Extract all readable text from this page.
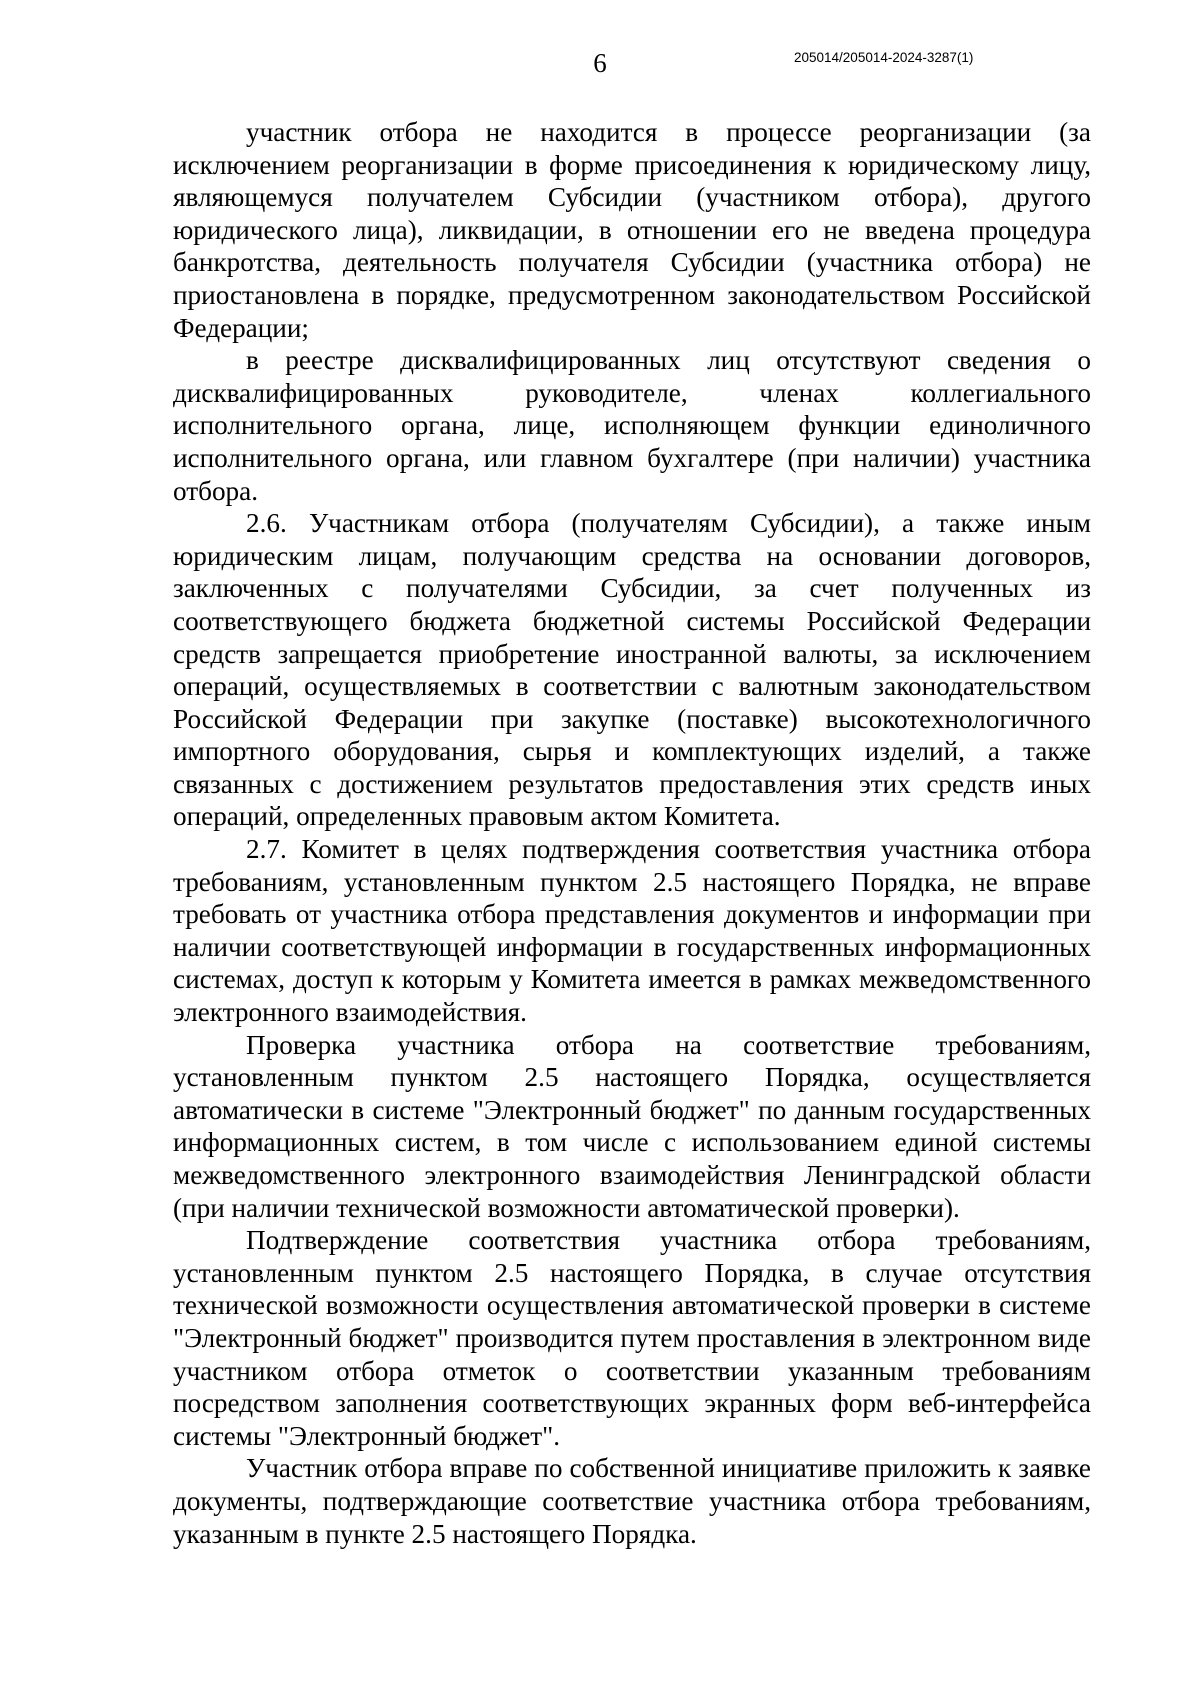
6	205014/205014-2024-3287(1)

участник отбора не находится в процессе реорганизации (за исключением реорганизации в форме присоединения к юридическому лицу, являющемуся получателем Субсидии (участником отбора), другого юридического лица), ликвидации, в отношении его не введена процедура банкротства, деятельность получателя Субсидии (участника отбора) не приостановлена в порядке, предусмотренном законодательством Российской Федерации;

в реестре дисквалифицированных лиц отсутствуют сведения о дисквалифицированных руководителе, членах коллегиального исполнительного органа, лице, исполняющем функции единоличного исполнительного органа, или главном бухгалтере (при наличии) участника отбора.

2.6. Участникам отбора (получателям Субсидии), а также иным юридическим лицам, получающим средства на основании договоров, заключенных с получателями Субсидии, за счет полученных из соответствующего бюджета бюджетной системы Российской Федерации средств запрещается приобретение иностранной валюты, за исключением операций, осуществляемых в соответствии с валютным законодательством Российской Федерации при закупке (поставке) высокотехнологичного импортного оборудования, сырья и комплектующих изделий, а также связанных с достижением результатов предоставления этих средств иных операций, определенных правовым актом Комитета.

2.7. Комитет в целях подтверждения соответствия участника отбора требованиям, установленным пунктом 2.5 настоящего Порядка, не вправе требовать от участника отбора представления документов и информации при наличии соответствующей информации в государственных информационных системах, доступ к которым у Комитета имеется в рамках межведомственного электронного взаимодействия.

Проверка участника отбора на соответствие требованиям, установленным пунктом 2.5 настоящего Порядка, осуществляется автоматически в системе "Электронный бюджет" по данным государственных информационных систем, в том числе с использованием единой системы межведомственного электронного взаимодействия Ленинградской области (при наличии технической возможности автоматической проверки).

Подтверждение соответствия участника отбора требованиям, установленным пунктом 2.5 настоящего Порядка, в случае отсутствия технической возможности осуществления автоматической проверки в системе "Электронный бюджет" производится путем проставления в электронном виде участником отбора отметок о соответствии указанным требованиям посредством заполнения соответствующих экранных форм веб-интерфейса системы "Электронный бюджет".

Участник отбора вправе по собственной инициативе приложить к заявке документы, подтверждающие соответствие участника отбора требованиям, указанным в пункте 2.5 настоящего Порядка.
